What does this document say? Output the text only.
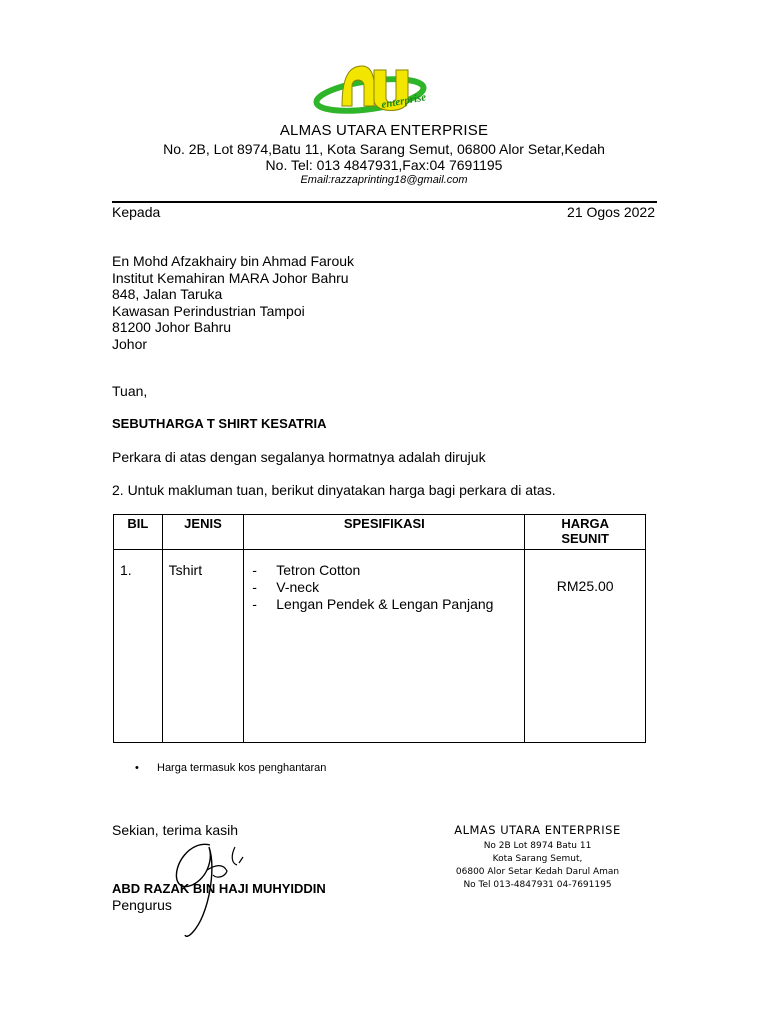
enterprise
ALMAS UTARA ENTERPRISE
No. 2B, Lot 8974,Batu 11, Kota Sarang Semut, 06800 Alor Setar,Kedah
No. Tel: 013 4847931,Fax:04 7691195
Email:razzaprinting18@gmail.com
Kepada	21 Ogos 2022
En Mohd Afzakhairy bin Ahmad Farouk
Institut Kemahiran MARA Johor Bahru
848, Jalan Taruka
Kawasan Perindustrian Tampoi
81200 Johor Bahru
Johor
Tuan,
SEBUTHARGA T SHIRT KESATRIA
Perkara di atas dengan segalanya hormatnya adalah dirujuk
2. Untuk makluman tuan, berikut dinyatakan harga bagi perkara di atas.
BIL	JENIS	SPESIFIKASI	HARGA
SEUNIT

1.	Tshirt	- Tetron Cotton
- V-neck
- Lengan Pendek & Lengan Panjang	RM25.00
• Harga termasuk kos penghantaran
Sekian, terima kasih
ABD RAZAK BIN HAJI MUHYIDDIN
Pengurus
ALMAS UTARA ENTERPRISE
No 2B Lot 8974 Batu 11
Kota Sarang Semut,
06800 Alor Setar Kedah Darul Aman
No Tel 013-4847931 04-7691195
